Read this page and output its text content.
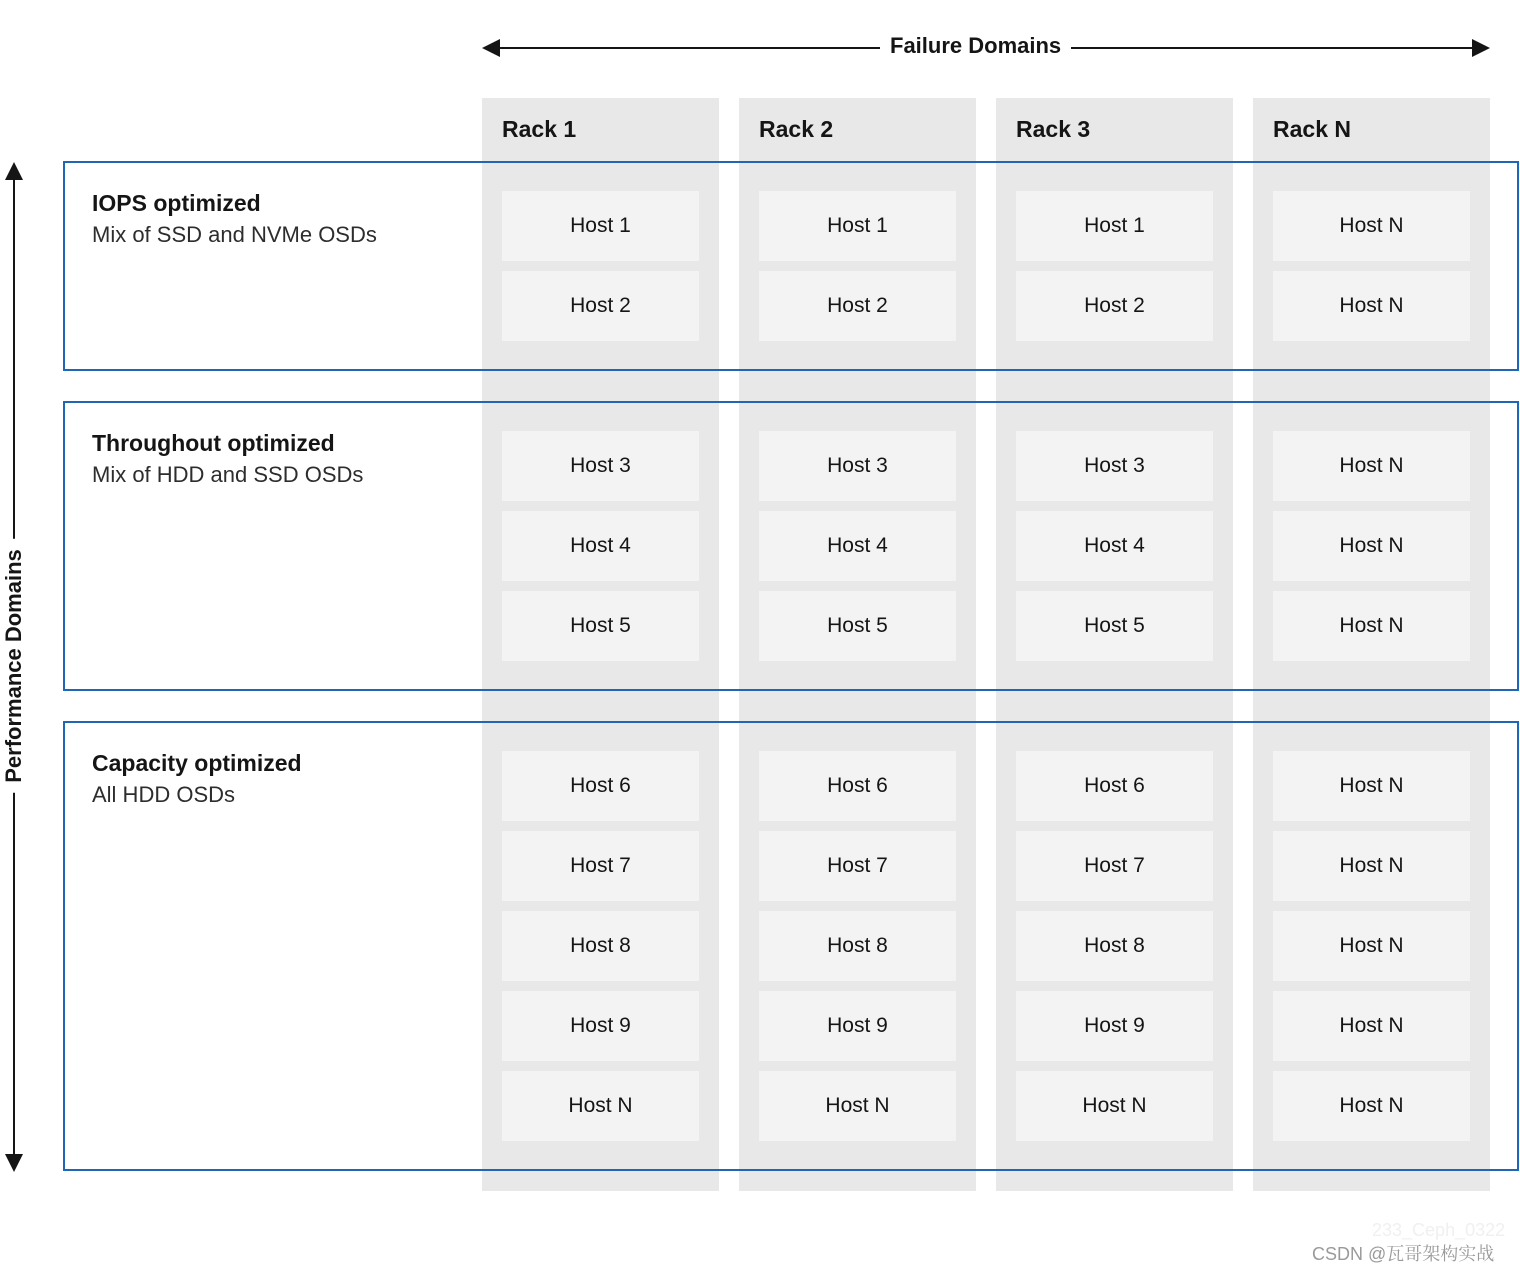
Rack 1	Rack 2	Rack 3	Rack N
Failure Domains
Performance Domains
IOPS optimized
Mix of SSD and NVMe OSDs
Throughout optimized
Mix of HDD and SSD OSDs
Capacity optimized
All HDD OSDs
Host 1	Host 1	Host 1	Host N
Host 2	Host 2	Host 2	Host N
Host 3	Host 3	Host 3	Host N
Host 4	Host 4	Host 4	Host N
Host 5	Host 5	Host 5	Host N
Host 6	Host 6	Host 6	Host N
Host 7	Host 7	Host 7	Host N
Host 8	Host 8	Host 8	Host N
Host 9	Host 9	Host 9	Host N
Host N	Host N	Host N	Host N
233_Ceph_0322
CSDN @瓦哥架构实战
